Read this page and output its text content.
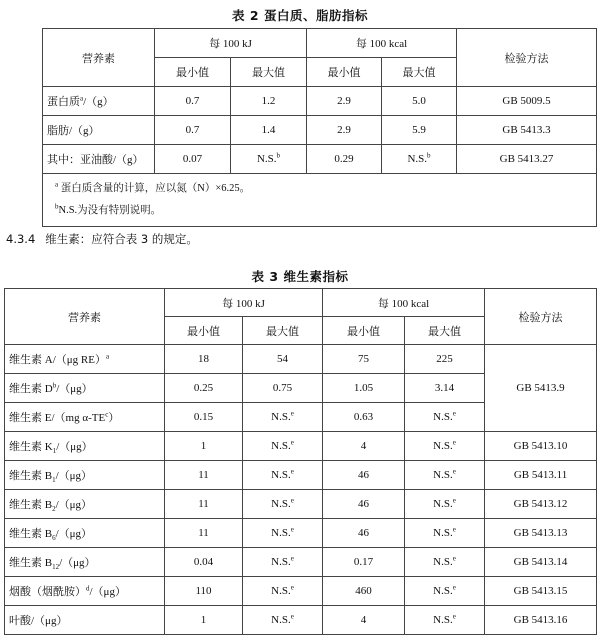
表 2 蛋白质、脂肪指标
营养素	每 100 kJ		每 100 kcal		检验方法
	最小值	最大值	最小值	最大值	
蛋白质$^a$/（g）	0.7	1.2	2.9	5.0	GB 5009.5
脂肪/（g）	0.7	1.4	2.9	5.9	GB 5413.3
其中：亚油酸/（g）	0.07	N.S.$^b$	0.29	N.S.$^b$	GB 5413.27

$^a$ 蛋白质含量的计算，应以氮（N）×6.25。
$^b$N.S.为没有特别说明。					
4.3.4 维生素：应符合表 3 的规定。
表 3 维生素指标
营养素	每 100 kJ		每 100 kcal		检验方法
	最小值	最大值	最小值	最大值	
维生素 A/（μg RE）$^a$	18	54	75	225	GB 5413.9
维生素 $D^b/(\mu g)$	0.25	0.75	1.05	3.14	
维生素 E/（mg $\alpha-TE^c$）	0.15	N.S.$^e$	0.63	N.S.$^e$
维生素 $K_1/(\mu g)$	1	N.S.$^e$	4	N.S.$^e$	GB 5413.10
维生素 $B_1/(\mu g)$	11	N.S.$^e$	46	N.S.$^e$	GB 5413.11
维生素 $B_2/(\mu g)$	11	N.S.$^e$	46	N.S.$^e$	GB 5413.12
维生素 $B_6/(\mu g)$	11	N.S.$^e$	46	N.S.$^e$	GB 5413.13
维生素 $B_{12}/(\mu g)$	0.04	N.S.$^e$	0.17	N.S.$^e$	GB 5413.14
烟酸（烟酰胺）$^d$/（μg）	110	N.S.$^e$	460	N.S.$^e$	GB 5413.15
叶酸/（μg）	1	N.S.$^e$	4	N.S.$^e$	GB 5413.16
